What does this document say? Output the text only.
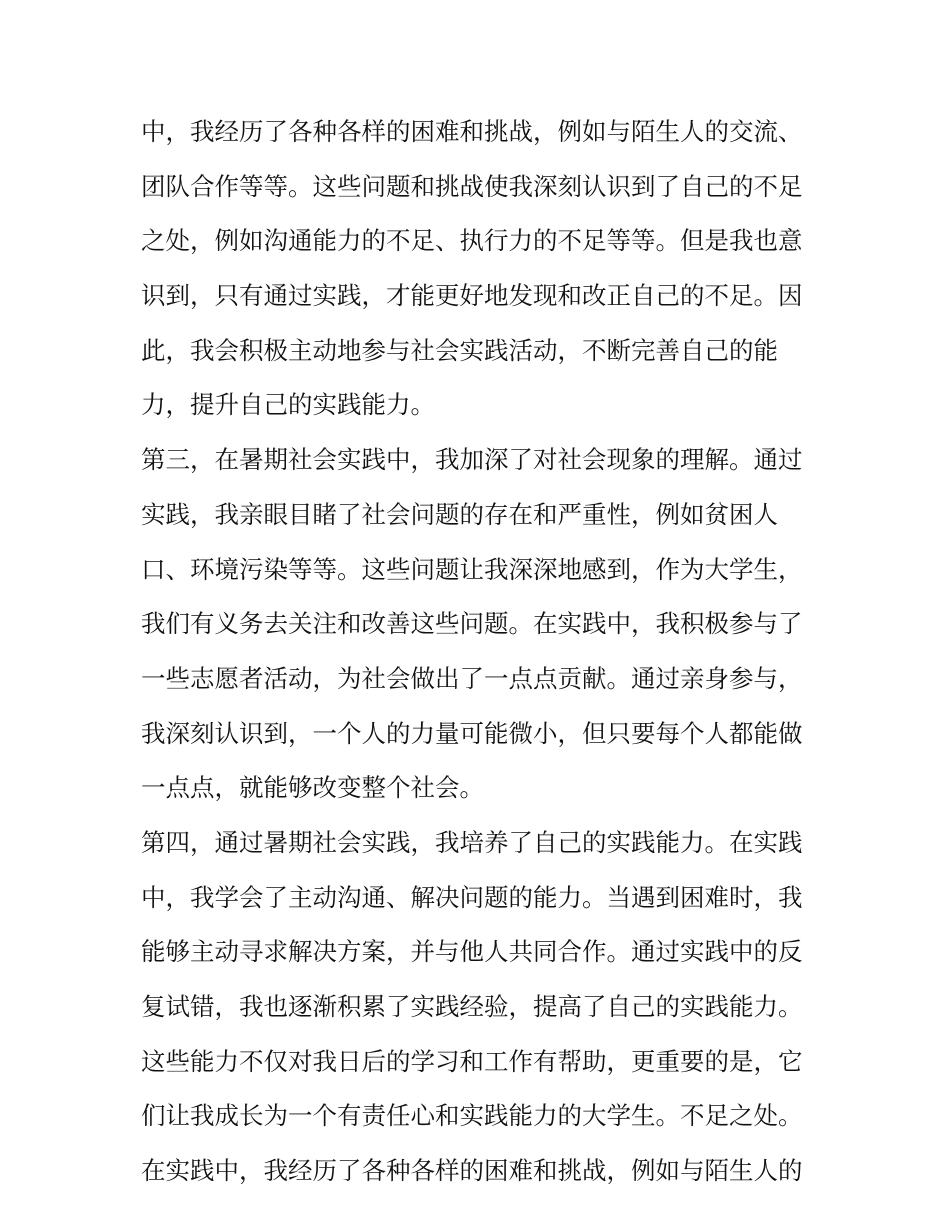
中，我经历了各种各样的困难和挑战，例如与陌生人的交流、
团队合作等等。这些问题和挑战使我深刻认识到了自己的不足
之处，例如沟通能力的不足、执行力的不足等等。但是我也意
识到，只有通过实践，才能更好地发现和改正自己的不足。因
此，我会积极主动地参与社会实践活动，不断完善自己的能
力，提升自己的实践能力。
第三，在暑期社会实践中，我加深了对社会现象的理解。通过
实践，我亲眼目睹了社会问题的存在和严重性，例如贫困人
口、环境污染等等。这些问题让我深深地感到，作为大学生，
我们有义务去关注和改善这些问题。在实践中，我积极参与了
一些志愿者活动，为社会做出了一点点贡献。通过亲身参与，
我深刻认识到，一个人的力量可能微小，但只要每个人都能做
一点点，就能够改变整个社会。
第四，通过暑期社会实践，我培养了自己的实践能力。在实践
中，我学会了主动沟通、解决问题的能力。当遇到困难时，我
能够主动寻求解决方案，并与他人共同合作。通过实践中的反
复试错，我也逐渐积累了实践经验，提高了自己的实践能力。
这些能力不仅对我日后的学习和工作有帮助，更重要的是，它
们让我成长为一个有责任心和实践能力的大学生。不足之处。
在实践中，我经历了各种各样的困难和挑战，例如与陌生人的
